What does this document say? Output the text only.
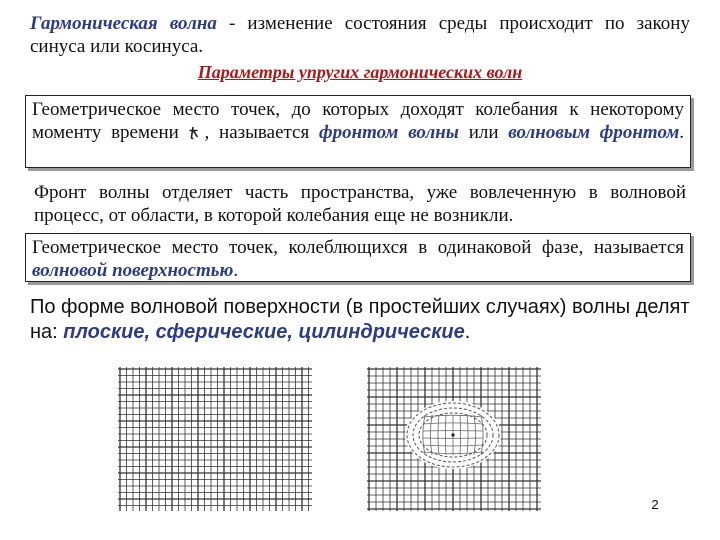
Гармоническая волна - изменение состояния среды происходит по закону синуса или косинуса.
Параметры упругих гармонических волн
Геометрическое место точек, до которых доходят колебания к некоторому моменту времени , называется фронтом волны или волновым фронтом.
Фронт волны отделяет часть пространства, уже вовлеченную в волновой процесс, от области, в которой колебания еще не возникли.
Геометрическое место точек, колеблющихся в одинаковой фазе, называется волновой поверхностью.
По форме волновой поверхности (в простейших случаях) волны делят на: плоские, сферические, цилиндрические.
2
